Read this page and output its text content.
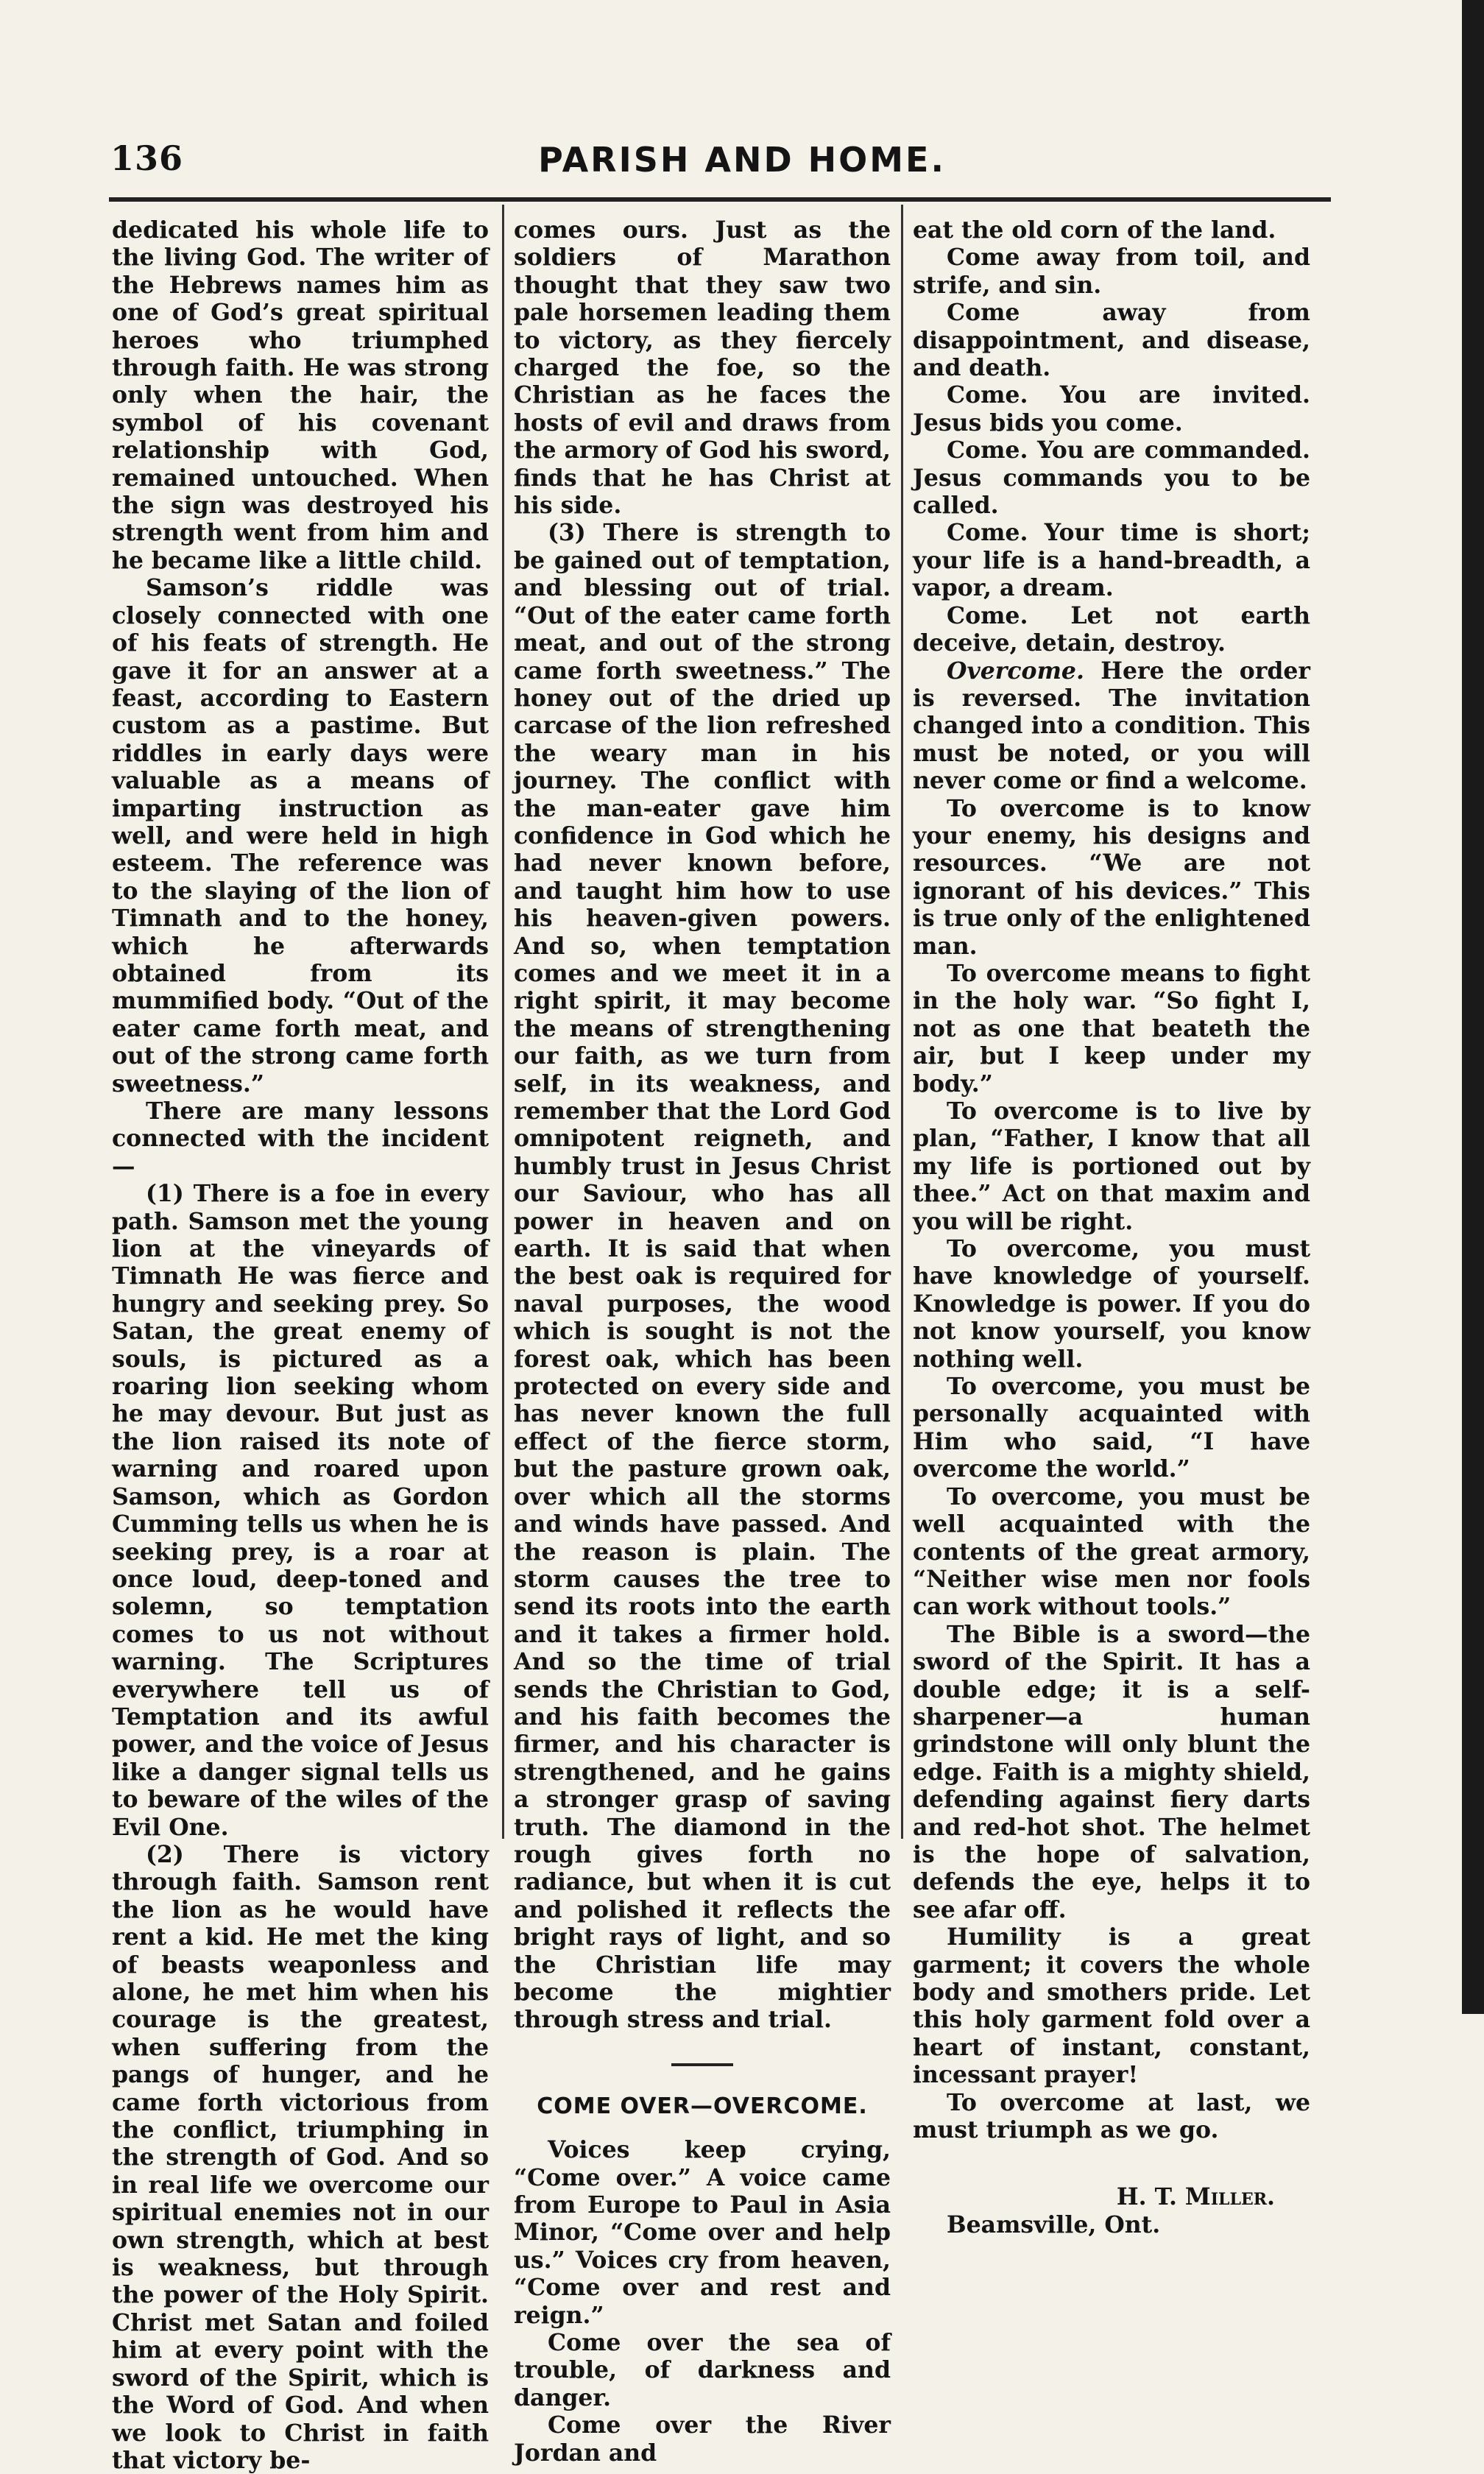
136	PARISH AND HOME.

dedicated his whole life to the living God. The writer of the Hebrews names him as one of God’s great spiritual heroes who triumphed through faith. He was strong only when the hair, the symbol of his covenant relationship with God, remained untouched. When the sign was destroyed his strength went from him and he became like a little child.

Samson’s riddle was closely connected with one of his feats of strength. He gave it for an answer at a feast, according to Eastern custom as a pastime. But riddles in early days were valuable as a means of imparting instruction as well, and were held in high esteem. The reference was to the slaying of the lion of Timnath and to the honey, which he afterwards obtained from its mummified body. “Out of the eater came forth meat, and out of the strong came forth sweetness.”

There are many lessons connected with the incident—

(1) There is a foe in every path. Samson met the young lion at the vineyards of Timnath He was fierce and hungry and seeking prey. So Satan, the great enemy of souls, is pictured as a roaring lion seeking whom he may devour. But just as the lion raised its note of warning and roared upon Samson, which as Gordon Cumming tells us when he is seeking prey, is a roar at once loud, deep-toned and solemn, so temptation comes to us not without warning. The Scriptures everywhere tell us of Temptation and its awful power, and the voice of Jesus like a danger signal tells us to beware of the wiles of the Evil One.

(2) There is victory through faith. Samson rent the lion as he would have rent a kid. He met the king of beasts weaponless and alone, he met him when his courage is the greatest, when suffering from the pangs of hunger, and he came forth victorious from the conflict, triumphing in the strength of God. And so in real life we overcome our spiritual enemies not in our own strength, which at best is weakness, but through the power of the Holy Spirit. Christ met Satan and foiled him at every point with the sword of the Spirit, which is the Word of God. And when we look to Christ in faith that victory be-

comes ours. Just as the soldiers of Marathon thought that they saw two pale horsemen leading them to victory, as they fiercely charged the foe, so the Christian as he faces the hosts of evil and draws from the armory of God his sword, finds that he has Christ at his side.

(3) There is strength to be gained out of temptation, and blessing out of trial. “Out of the eater came forth meat, and out of the strong came forth sweetness.” The honey out of the dried up carcase of the lion refreshed the weary man in his journey. The conflict with the man-eater gave him confidence in God which he had never known before, and taught him how to use his heaven-given powers. And so, when temptation comes and we meet it in a right spirit, it may become the means of strengthening our faith, as we turn from self, in its weakness, and remember that the Lord God omnipotent reigneth, and humbly trust in Jesus Christ our Saviour, who has all power in heaven and on earth. It is said that when the best oak is required for naval purposes, the wood which is sought is not the forest oak, which has been protected on every side and has never known the full effect of the fierce storm, but the pasture grown oak, over which all the storms and winds have passed. And the reason is plain. The storm causes the tree to send its roots into the earth and it takes a firmer hold. And so the time of trial sends the Christian to God, and his faith becomes the firmer, and his character is strengthened, and he gains a stronger grasp of saving truth. The diamond in the rough gives forth no radiance, but when it is cut and polished it reflects the bright rays of light, and so the Christian life may become the mightier through stress and trial.

COME OVER—OVERCOME.

Voices keep crying, “Come over.” A voice came from Europe to Paul in Asia Minor, “Come over and help us.” Voices cry from heaven, “Come over and rest and reign.”

Come over the sea of trouble, of darkness and danger.

Come over the River Jordan and

eat the old corn of the land.

Come away from toil, and strife, and sin.

Come away from disappointment, and disease, and death.

Come. You are invited. Jesus bids you come.

Come. You are commanded. Jesus commands you to be called.

Come. Your time is short; your life is a hand-breadth, a vapor, a dream.

Come. Let not earth deceive, detain, destroy.

Overcome. Here the order is reversed. The invitation changed into a condition. This must be noted, or you will never come or find a welcome.

To overcome is to know your enemy, his designs and resources. “We are not ignorant of his devices.” This is true only of the enlightened man.

To overcome means to fight in the holy war. “So fight I, not as one that beateth the air, but I keep under my body.”

To overcome is to live by plan, “Father, I know that all my life is portioned out by thee.” Act on that maxim and you will be right.

To overcome, you must have knowledge of yourself. Knowledge is power. If you do not know yourself, you know nothing well.

To overcome, you must be personally acquainted with Him who said, “I have overcome the world.”

To overcome, you must be well acquainted with the contents of the great armory, “Neither wise men nor fools can work without tools.”

The Bible is a sword—the sword of the Spirit. It has a double edge; it is a self-sharpener—a human grindstone will only blunt the edge. Faith is a mighty shield, defending against fiery darts and red-hot shot. The helmet is the hope of salvation, defends the eye, helps it to see afar off.

Humility is a great garment; it covers the whole body and smothers pride. Let this holy garment fold over a heart of instant, constant, incessant prayer!

To overcome at last, we must triumph as we go.

H. T. Miller.

Beamsville, Ont.
